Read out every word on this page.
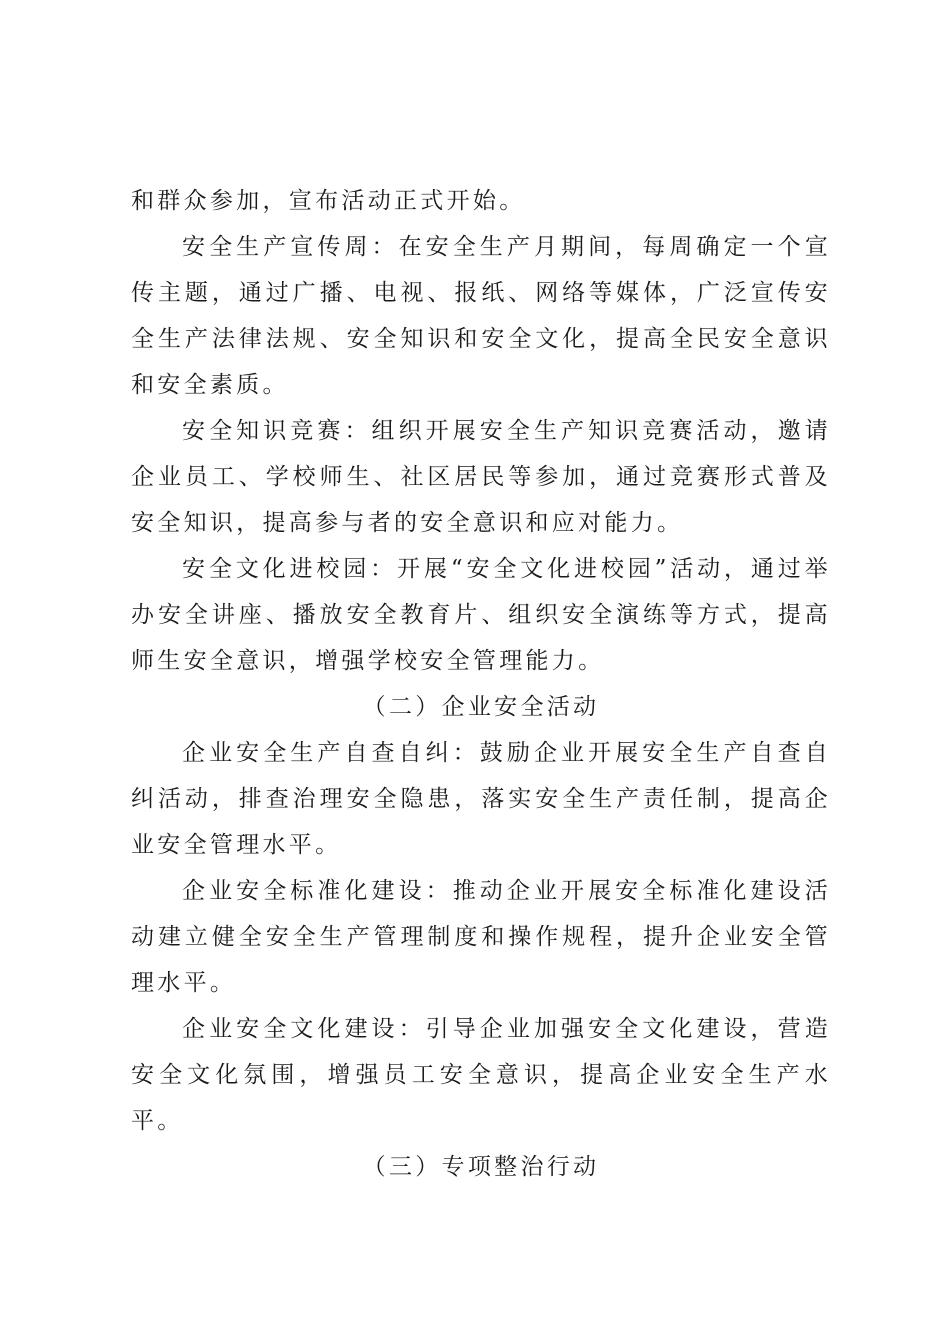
和群众参加，宣布活动正式开始。

安全生产宣传周：在安全生产月期间，每周确定一个宣传主题，通过广播、电视、报纸、网络等媒体，广泛宣传安全生产法律法规、安全知识和安全文化，提高全民安全意识和安全素质。

安全知识竞赛：组织开展安全生产知识竞赛活动，邀请企业员工、学校师生、社区居民等参加，通过竞赛形式普及安全知识，提高参与者的安全意识和应对能力。

安全文化进校园：开展“安全文化进校园”活动，通过举办安全讲座、播放安全教育片、组织安全演练等方式，提高师生安全意识，增强学校安全管理能力。

（二）企业安全活动

企业安全生产自查自纠：鼓励企业开展安全生产自查自纠活动，排查治理安全隐患，落实安全生产责任制，提高企业安全管理水平。

企业安全标准化建设：推动企业开展安全标准化建设活动建立健全安全生产管理制度和操作规程，提升企业安全管理水平。

企业安全文化建设：引导企业加强安全文化建设，营造安全文化氛围，增强员工安全意识，提高企业安全生产水平。

（三）专项整治行动
